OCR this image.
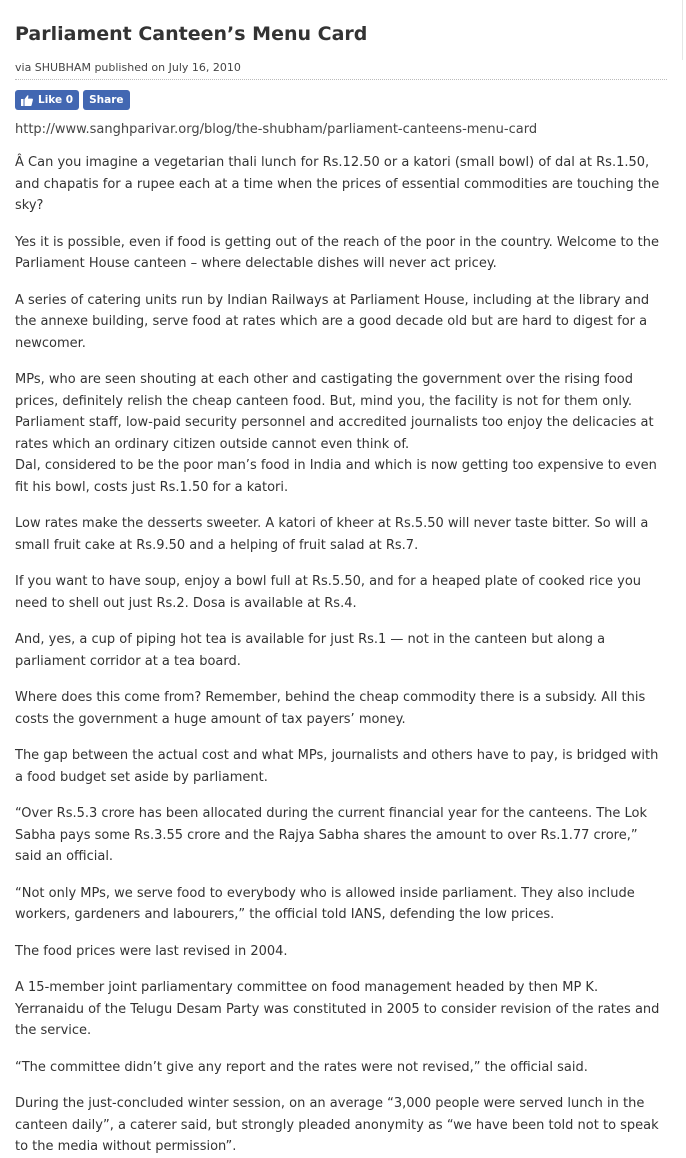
Parliament Canteen’s Menu Card
via SHUBHAM published on July 16, 2010
Like 0 Share
http://www.sanghparivar.org/blog/the-shubham/parliament-canteens-menu-card

Â Can you imagine a vegetarian thali lunch for Rs.12.50 or a katori (small bowl) of dal at Rs.1.50, and chapatis for a rupee each at a time when the prices of essential commodities are touching the sky?

Yes it is possible, even if food is getting out of the reach of the poor in the country. Welcome to the Parliament House canteen – where delectable dishes will never act pricey.

A series of catering units run by Indian Railways at Parliament House, including at the library and the annexe building, serve food at rates which are a good decade old but are hard to digest for a newcomer.

MPs, who are seen shouting at each other and castigating the government over the rising food prices, definitely relish the cheap canteen food. But, mind you, the facility is not for them only. Parliament staff, low-paid security personnel and accredited journalists too enjoy the delicacies at rates which an ordinary citizen outside cannot even think of.

Dal, considered to be the poor man’s food in India and which is now getting too expensive to even fit his bowl, costs just Rs.1.50 for a katori.

Low rates make the desserts sweeter. A katori of kheer at Rs.5.50 will never taste bitter. So will a small fruit cake at Rs.9.50 and a helping of fruit salad at Rs.7.

If you want to have soup, enjoy a bowl full at Rs.5.50, and for a heaped plate of cooked rice you need to shell out just Rs.2. Dosa is available at Rs.4.

And, yes, a cup of piping hot tea is available for just Rs.1 — not in the canteen but along a parliament corridor at a tea board.

Where does this come from? Remember, behind the cheap commodity there is a subsidy. All this costs the government a huge amount of tax payers’ money.

The gap between the actual cost and what MPs, journalists and others have to pay, is bridged with a food budget set aside by parliament.

“Over Rs.5.3 crore has been allocated during the current financial year for the canteens. The Lok Sabha pays some Rs.3.55 crore and the Rajya Sabha shares the amount to over Rs.1.77 crore,” said an official.

“Not only MPs, we serve food to everybody who is allowed inside parliament. They also include workers, gardeners and labourers,” the official told IANS, defending the low prices.

The food prices were last revised in 2004.

A 15-member joint parliamentary committee on food management headed by then MP K. Yerranaidu of the Telugu Desam Party was constituted in 2005 to consider revision of the rates and the service.

“The committee didn’t give any report and the rates were not revised,” the official said.

During the just-concluded winter session, on an average “3,000 people were served lunch in the canteen daily”, a caterer said, but strongly pleaded anonymity as “we have been told not to speak to the media without permission”.
